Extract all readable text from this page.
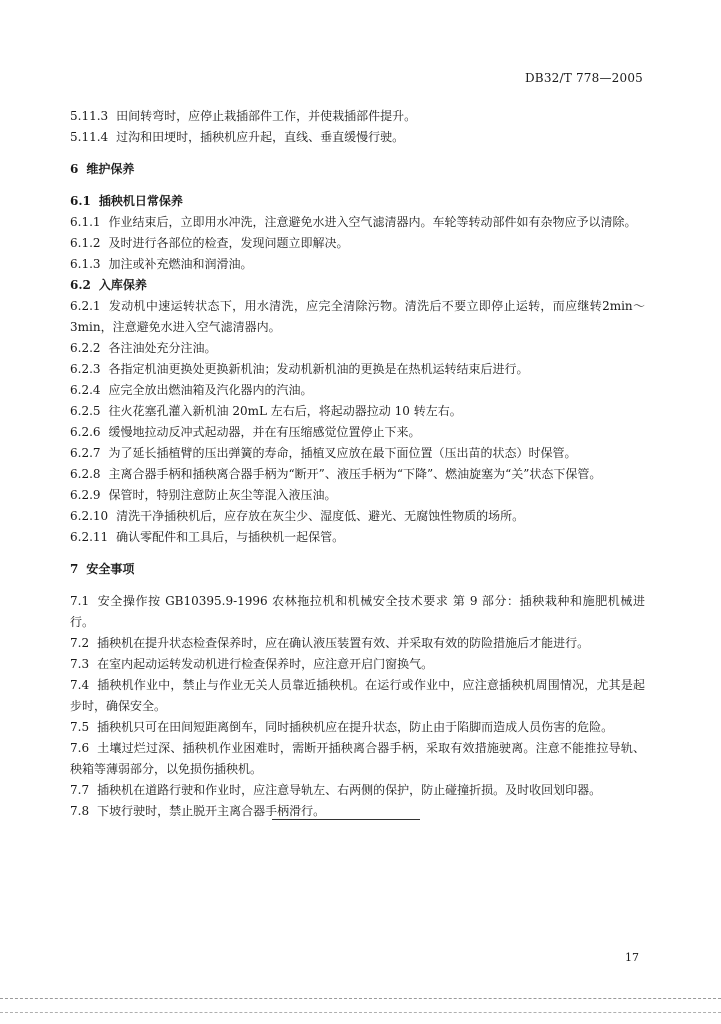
DB32/T 778—2005

5.11.3 田间转弯时，应停止栽插部件工作，并使栽插部件提升。

5.11.4 过沟和田埂时，插秧机应升起，直线、垂直缓慢行驶。

6 维护保养

6.1 插秧机日常保养

6.1.1 作业结束后，立即用水冲洗，注意避免水进入空气滤清器内。车轮等转动部件如有杂物应予以清除。

6.1.2 及时进行各部位的检查，发现问题立即解决。

6.1.3 加注或补充燃油和润滑油。

6.2 入库保养

6.2.1 发动机中速运转状态下，用水清洗，应完全清除污物。清洗后不要立即停止运转，而应继转2min～3min，注意避免水进入空气滤清器内。

6.2.2 各注油处充分注油。

6.2.3 各指定机油更换处更换新机油；发动机新机油的更换是在热机运转结束后进行。

6.2.4 应完全放出燃油箱及汽化器内的汽油。

6.2.5 往火花塞孔灌入新机油 20mL 左右后，将起动器拉动 10 转左右。

6.2.6 缓慢地拉动反冲式起动器，并在有压缩感觉位置停止下来。

6.2.7 为了延长插植臂的压出弹簧的寿命，插植叉应放在最下面位置（压出苗的状态）时保管。

6.2.8 主离合器手柄和插秧离合器手柄为“断开”、液压手柄为“下降”、燃油旋塞为“关”状态下保管。

6.2.9 保管时，特别注意防止灰尘等混入液压油。

6.2.10 清洗干净插秧机后，应存放在灰尘少、湿度低、避光、无腐蚀性物质的场所。

6.2.11 确认零配件和工具后，与插秧机一起保管。

7 安全事项

7.1 安全操作按 GB10395.9-1996 农林拖拉机和机械安全技术要求 第 9 部分：插秧栽种和施肥机械进行。

7.2 插秧机在提升状态检查保养时，应在确认液压装置有效、并采取有效的防险措施后才能进行。

7.3 在室内起动运转发动机进行检查保养时，应注意开启门窗换气。

7.4 插秧机作业中，禁止与作业无关人员靠近插秧机。在运行或作业中，应注意插秧机周围情况，尤其是起步时，确保安全。

7.5 插秧机只可在田间短距离倒车，同时插秧机应在提升状态，防止由于陷脚而造成人员伤害的危险。

7.6 土壤过烂过深、插秧机作业困难时，需断开插秧离合器手柄，采取有效措施驶离。注意不能推拉导轨、秧箱等薄弱部分，以免损伤插秧机。

7.7 插秧机在道路行驶和作业时，应注意导轨左、右两侧的保护，防止碰撞折损。及时收回划印器。

7.8 下坡行驶时，禁止脱开主离合器手柄滑行。

17
